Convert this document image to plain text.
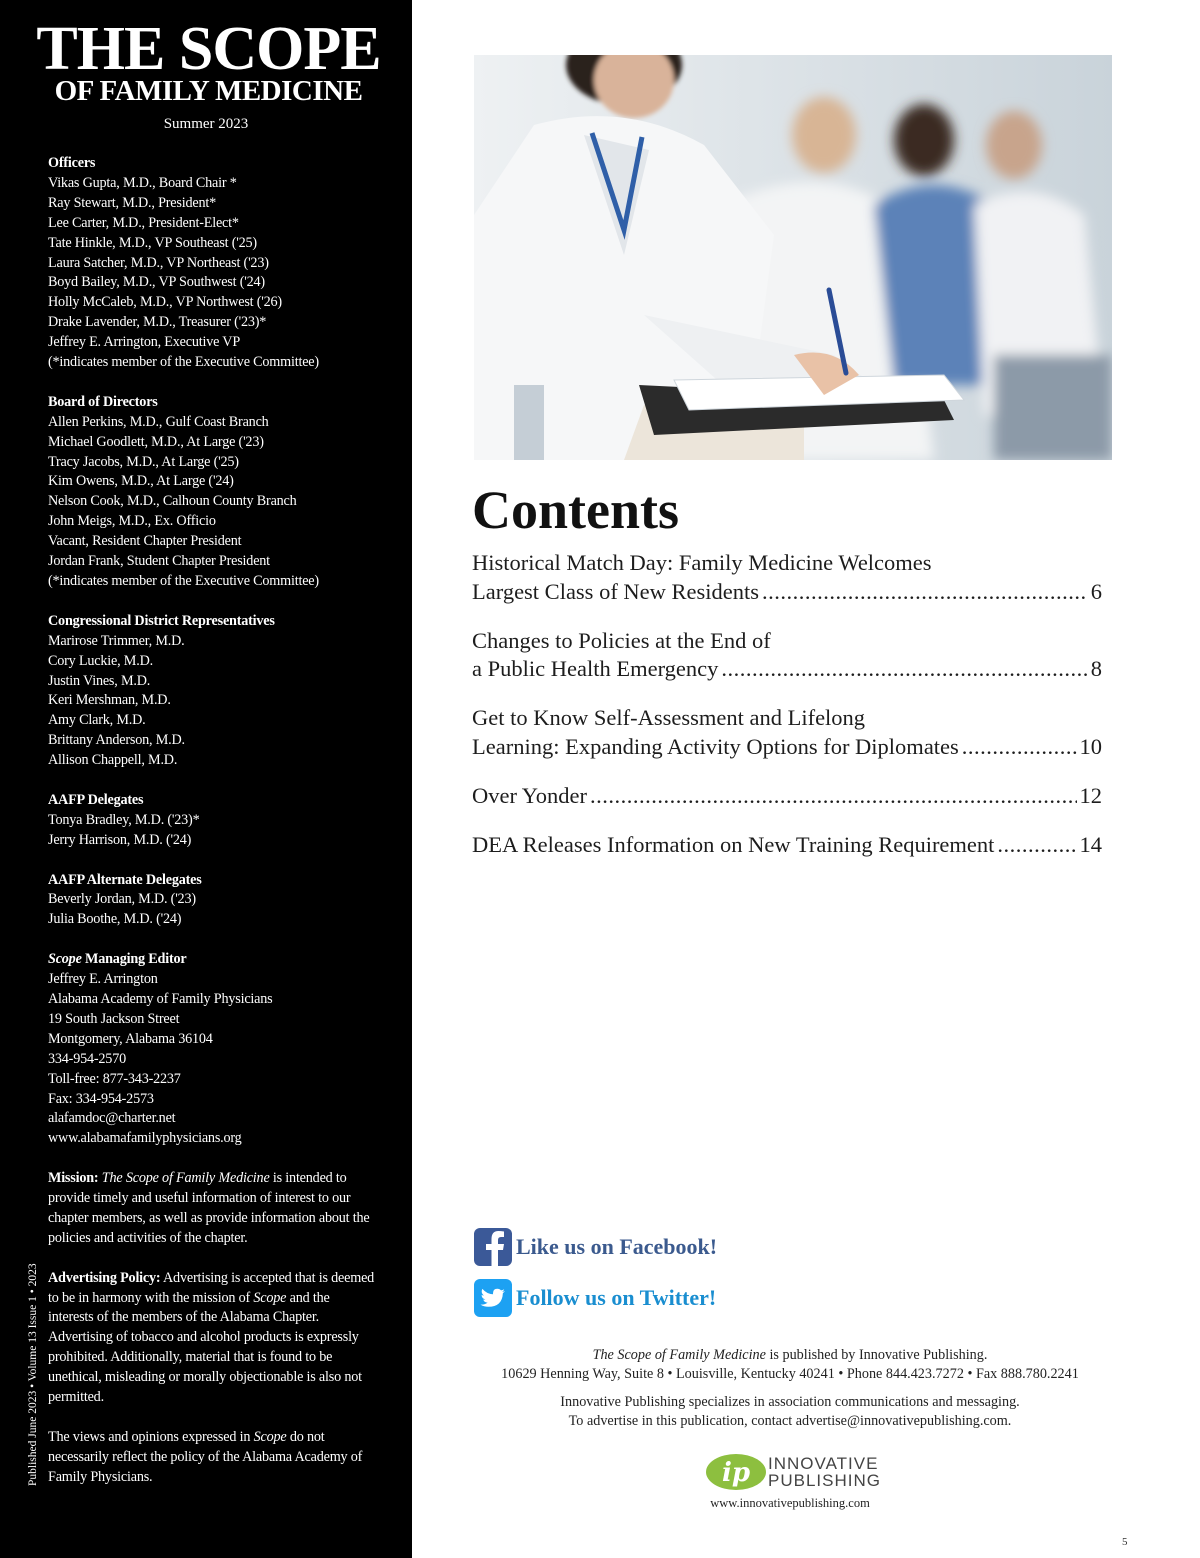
THE SCOPE
OF FAMILY MEDICINE
Summer 2023
Officers
Vikas Gupta, M.D., Board Chair *
Ray Stewart, M.D., President*
Lee Carter, M.D., President-Elect*
Tate Hinkle, M.D., VP Southeast ('25)
Laura Satcher, M.D., VP Northeast ('23)
Boyd Bailey, M.D., VP Southwest ('24)
Holly McCaleb, M.D., VP Northwest ('26)
Drake Lavender, M.D., Treasurer ('23)*
Jeffrey E. Arrington, Executive VP
(*indicates member of the Executive Committee)
Board of Directors
Allen Perkins, M.D., Gulf Coast Branch
Michael Goodlett, M.D., At Large ('23)
Tracy Jacobs, M.D., At Large ('25)
Kim Owens, M.D., At Large ('24)
Nelson Cook, M.D., Calhoun County Branch
John Meigs, M.D., Ex. Officio
Vacant, Resident Chapter President
Jordan Frank, Student Chapter President
(*indicates member of the Executive Committee)
Congressional District Representatives
Marirose Trimmer, M.D.
Cory Luckie, M.D.
Justin Vines, M.D.
Keri Mershman, M.D.
Amy Clark, M.D.
Brittany Anderson, M.D.
Allison Chappell, M.D.
AAFP Delegates
Tonya Bradley, M.D. ('23)*
Jerry Harrison, M.D. ('24)
AAFP Alternate Delegates
Beverly Jordan, M.D. ('23)
Julia Boothe, M.D. ('24)
Scope Managing Editor
Jeffrey E. Arrington
Alabama Academy of Family Physicians
19 South Jackson Street
Montgomery, Alabama 36104
334-954-2570
Toll-free: 877-343-2237
Fax: 334-954-2573
alafamdoc@charter.net
www.alabamafamilyphysicians.org
Mission: The Scope of Family Medicine is intended to provide timely and useful information of interest to our chapter members, as well as provide information about the policies and activities of the chapter.
Advertising Policy: Advertising is accepted that is deemed to be in harmony with the mission of Scope and the interests of the members of the Alabama Chapter. Advertising of tobacco and alcohol products is expressly prohibited. Additionally, material that is found to be unethical, misleading or morally objectionable is also not permitted.
The views and opinions expressed in Scope do not necessarily reflect the policy of the Alabama Academy of Family Physicians.
Published June 2023 • Volume 13 Issue 1 • 2023
Contents
Historical Match Day: Family Medicine Welcomes
Largest Class of New Residents .....	6
Changes to Policies at the End of
a Public Health Emergency .....	8
Get to Know Self-Assessment and Lifelong
Learning: Expanding Activity Options for Diplomates .....	10
Over Yonder .....	12
DEA Releases Information on New Training Requirement .....	14
Like us on Facebook!
Follow us on Twitter!
The Scope of Family Medicine is published by Innovative Publishing.
10629 Henning Way, Suite 8 • Louisville, Kentucky 40241 • Phone 844.423.7272 • Fax 888.780.2241
Innovative Publishing specializes in association communications and messaging.
To advertise in this publication, contact advertise@innovativepublishing.com.
ip INNOVATIVE
PUBLISHING
www.innovativepublishing.com
5
